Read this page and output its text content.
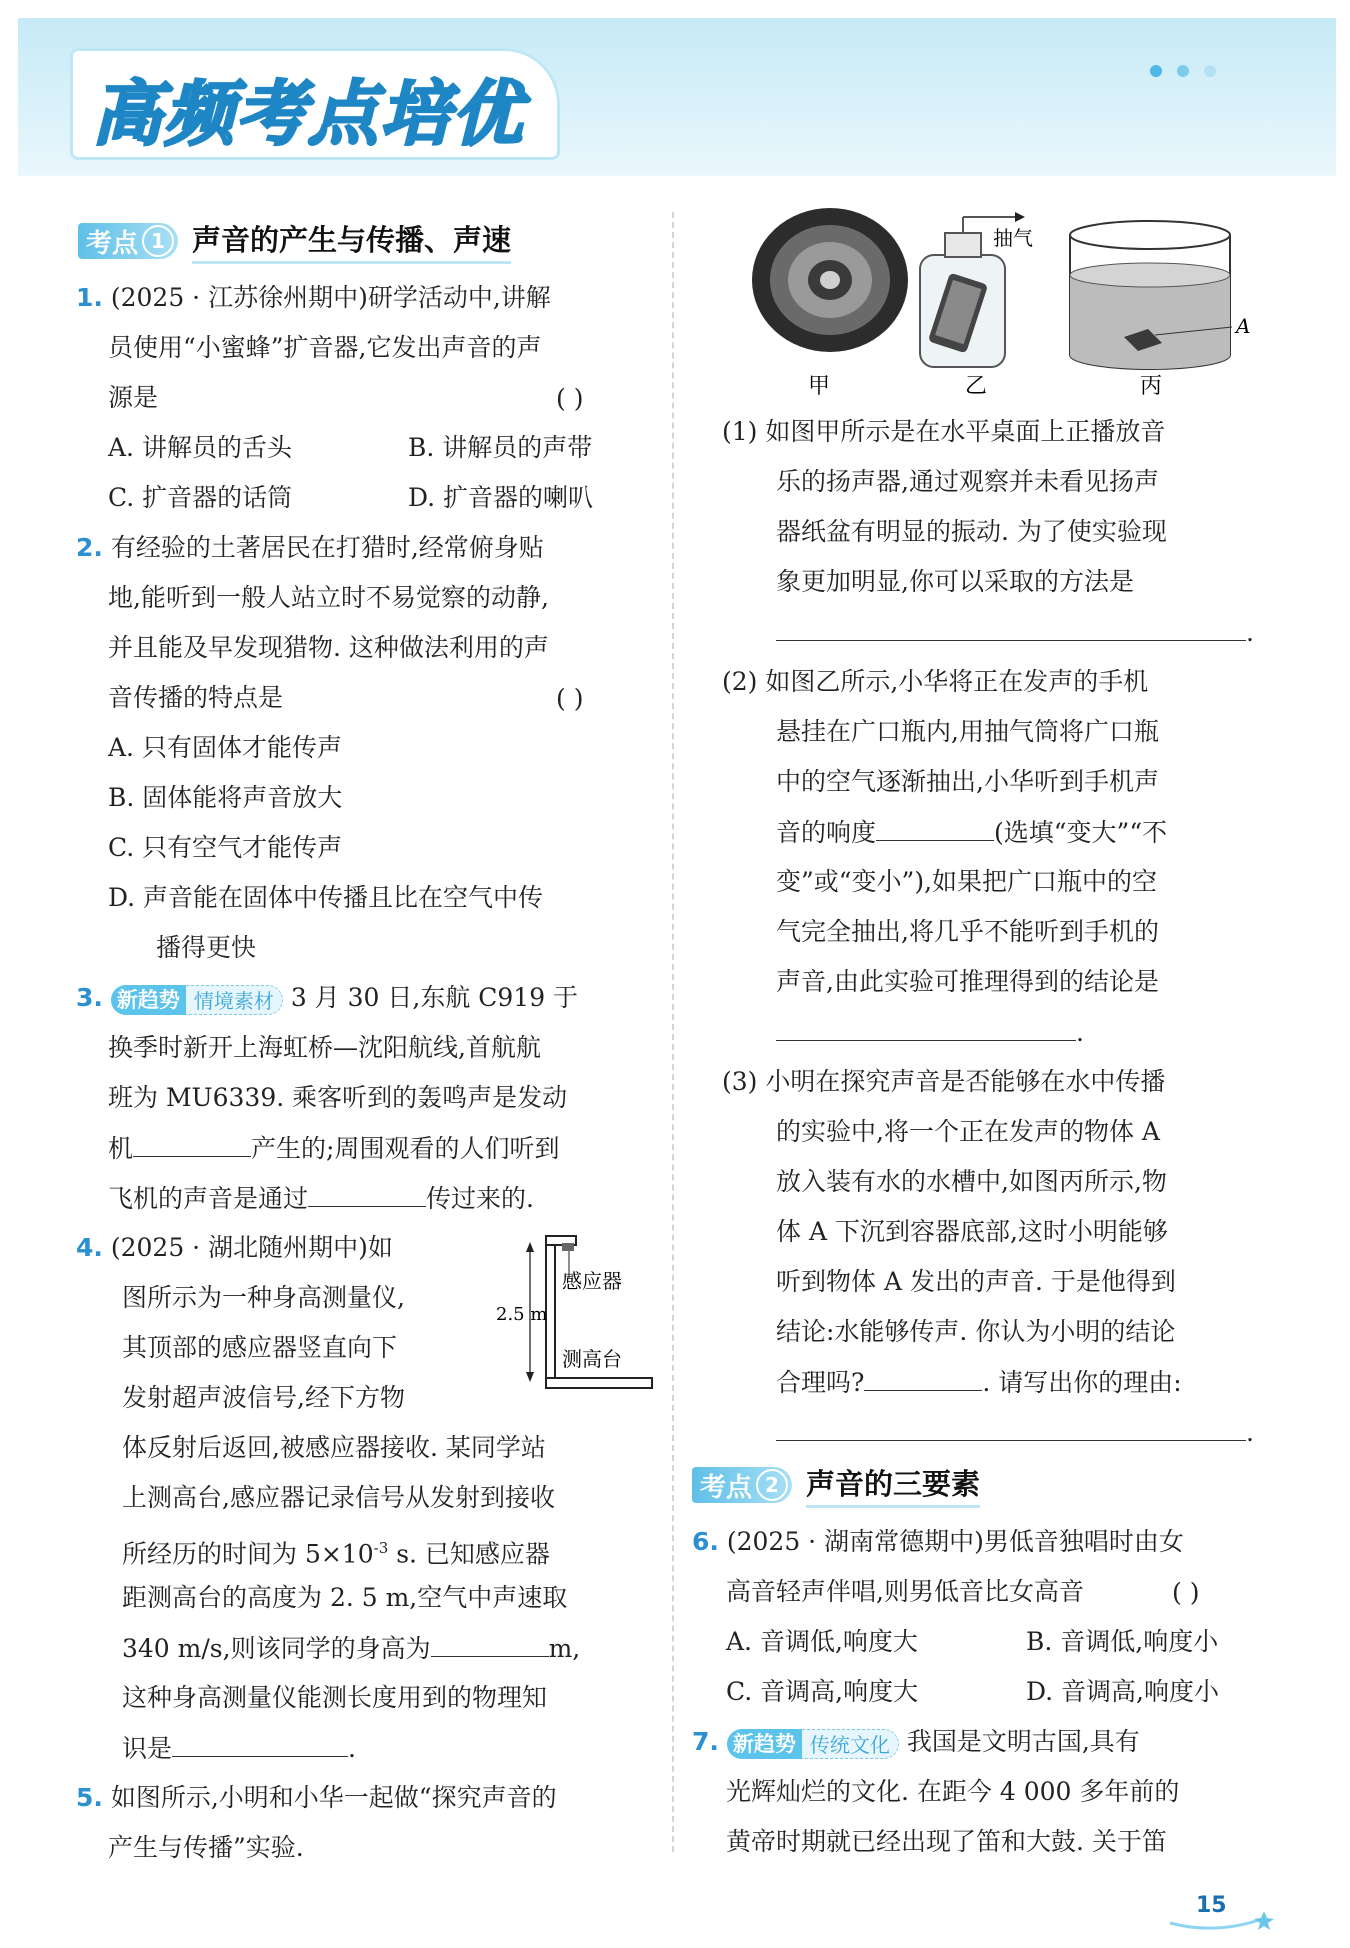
高频考点培优

考点 1 声音的产生与传播、声速
1. (2025 · 江苏徐州期中)研学活动中,讲解
员使用“小蜜蜂”扩音器,它发出声音的声
源是	( )
A. 讲解员的舌头	B. 讲解员的声带
C. 扩音器的话筒	D. 扩音器的喇叭
2. 有经验的土著居民在打猎时,经常俯身贴
地,能听到一般人站立时不易觉察的动静,
并且能及早发现猎物. 这种做法利用的声
音传播的特点是	( )
A. 只有固体才能传声
B. 固体能将声音放大
C. 只有空气才能传声
D. 声音能在固体中传播且比在空气中传
播得更快
3. 新趋势 情境素材 3 月 30 日,东航 C919 于
换季时新开上海虹桥—沈阳航线,首航航
班为 MU6339. 乘客听到的轰鸣声是发动
机	产生的;周围观看的人们听到
飞机的声音是通过	传过来的.
4. (2025 · 湖北随州期中)如
图所示为一种身高测量仪,
其顶部的感应器竖直向下
发射超声波信号,经下方物
体反射后返回,被感应器接收. 某同学站
上测高台,感应器记录信号从发射到接收
所经历的时间为 $5\times 10^{-3}$ s. 已知感应器
距测高台的高度为 2. 5 m,空气中声速取
340 m/s,则该同学的身高为	m,
这种身高测量仪能测长度用到的物理知
识是	.
感应器
2.5 m
测高台
5. 如图所示,小明和小华一起做“探究声音的
产生与传播”实验.
抽气
A
甲	乙	丙
(1) 如图甲所示是在水平桌面上正播放音
乐的扬声器,通过观察并未看见扬声
器纸盆有明显的振动. 为了使实验现
象更加明显,你可以采取的方法是
.
(2) 如图乙所示,小华将正在发声的手机
悬挂在广口瓶内,用抽气筒将广口瓶
中的空气逐渐抽出,小华听到手机声
音的响度	(选填“变大”“不
变”或“变小”),如果把广口瓶中的空
气完全抽出,将几乎不能听到手机的
声音,由此实验可推理得到的结论是
.
(3) 小明在探究声音是否能够在水中传播
的实验中,将一个正在发声的物体 A
放入装有水的水槽中,如图丙所示,物
体 A 下沉到容器底部,这时小明能够
听到物体 A 发出的声音. 于是他得到
结论:水能够传声. 你认为小明的结论
合理吗?	. 请写出你的理由:
.
考点 2 声音的三要素
6. (2025 · 湖南常德期中)男低音独唱时由女
高音轻声伴唱,则男低音比女高音	( )
A. 音调低,响度大	B. 音调低,响度小
C. 音调高,响度大	D. 音调高,响度小
7. 新趋势 传统文化 我国是文明古国,具有
光辉灿烂的文化. 在距今 4 000 多年前的
黄帝时期就已经出现了笛和大鼓. 关于笛
15
